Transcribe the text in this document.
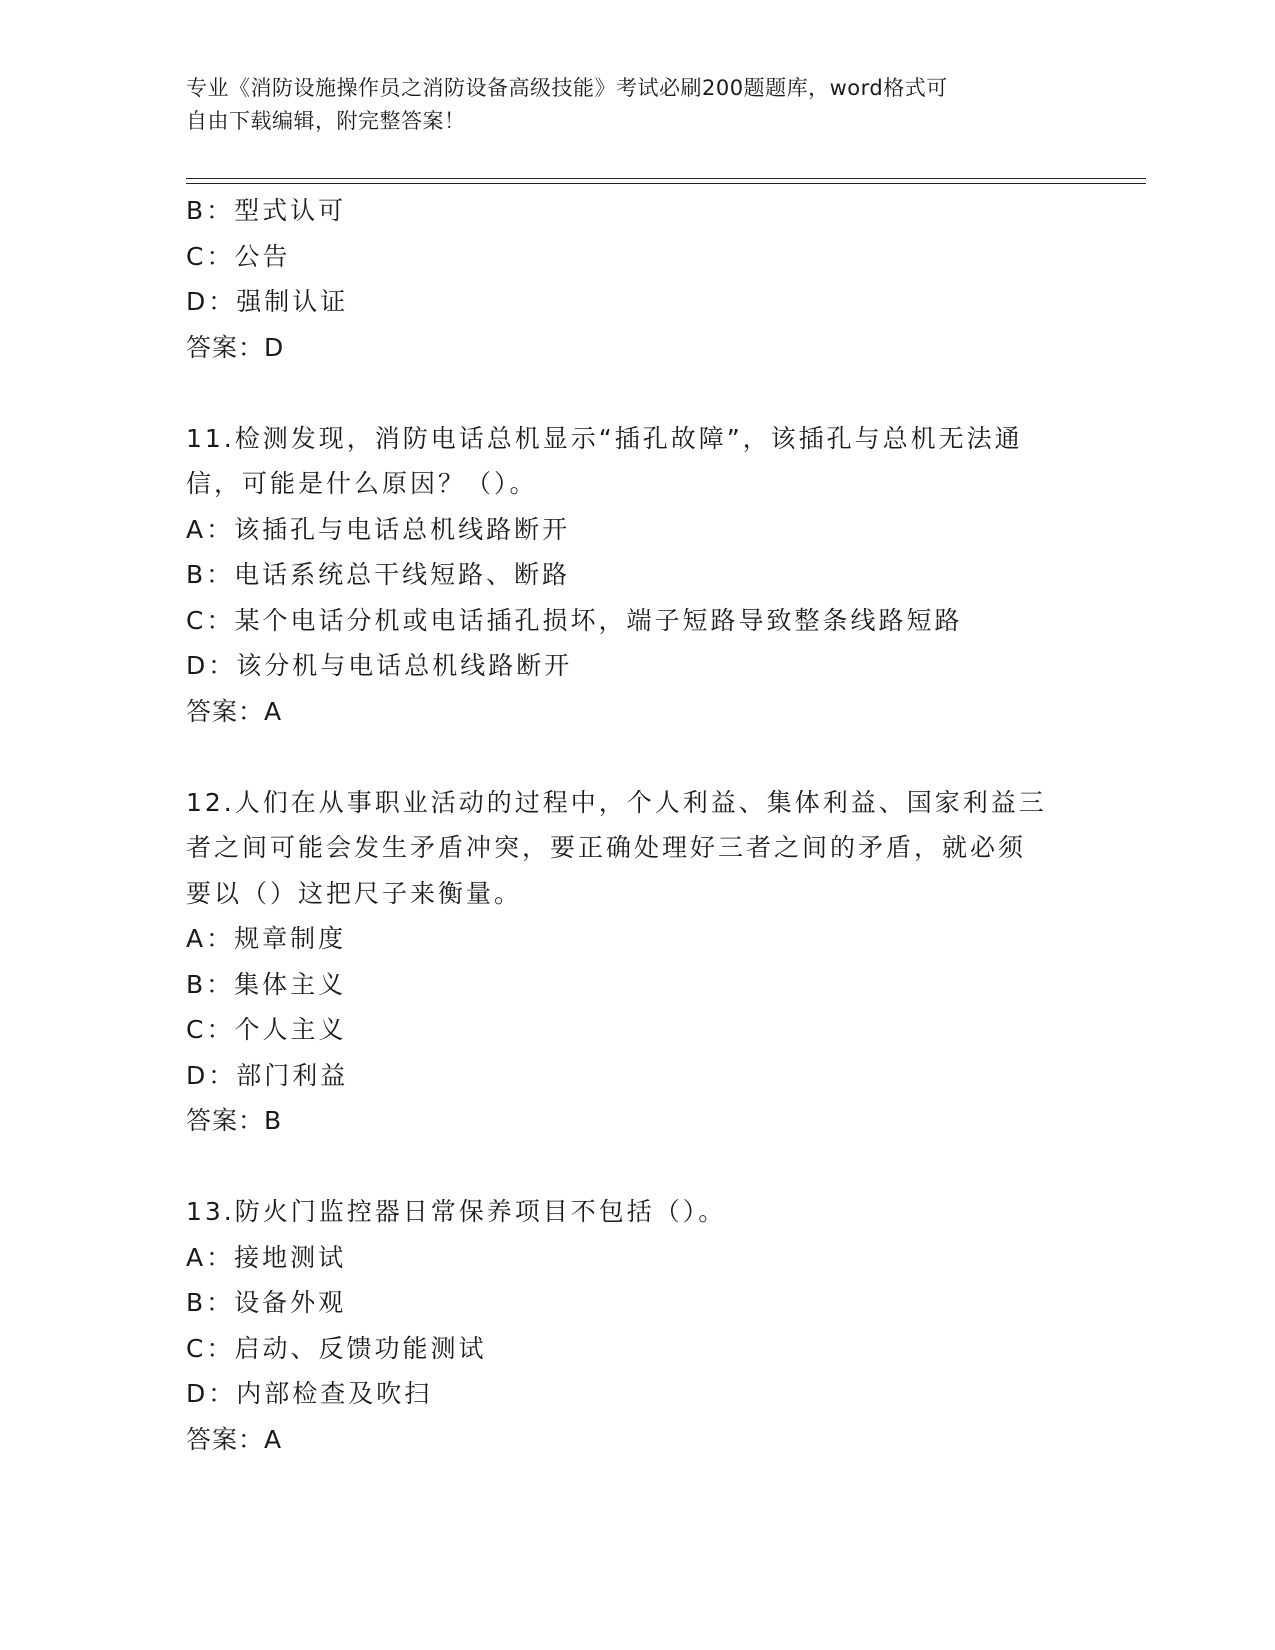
专业《消防设施操作员之消防设备高级技能》考试必刷200题题库，word格式可
自由下载编辑，附完整答案！
B：型式认可
C：公告
D：强制认证
答案：D
11.检测发现，消防电话总机显示“插孔故障”，该插孔与总机无法通
信，可能是什么原因？（）。
A：该插孔与电话总机线路断开
B：电话系统总干线短路、断路
C：某个电话分机或电话插孔损坏，端子短路导致整条线路短路
D：该分机与电话总机线路断开
答案：A
12.人们在从事职业活动的过程中，个人利益、集体利益、国家利益三
者之间可能会发生矛盾冲突，要正确处理好三者之间的矛盾，就必须
要以（）这把尺子来衡量。
A：规章制度
B：集体主义
C：个人主义
D：部门利益
答案：B
13.防火门监控器日常保养项目不包括（）。
A：接地测试
B：设备外观
C：启动、反馈功能测试
D：内部检查及吹扫
答案：A
